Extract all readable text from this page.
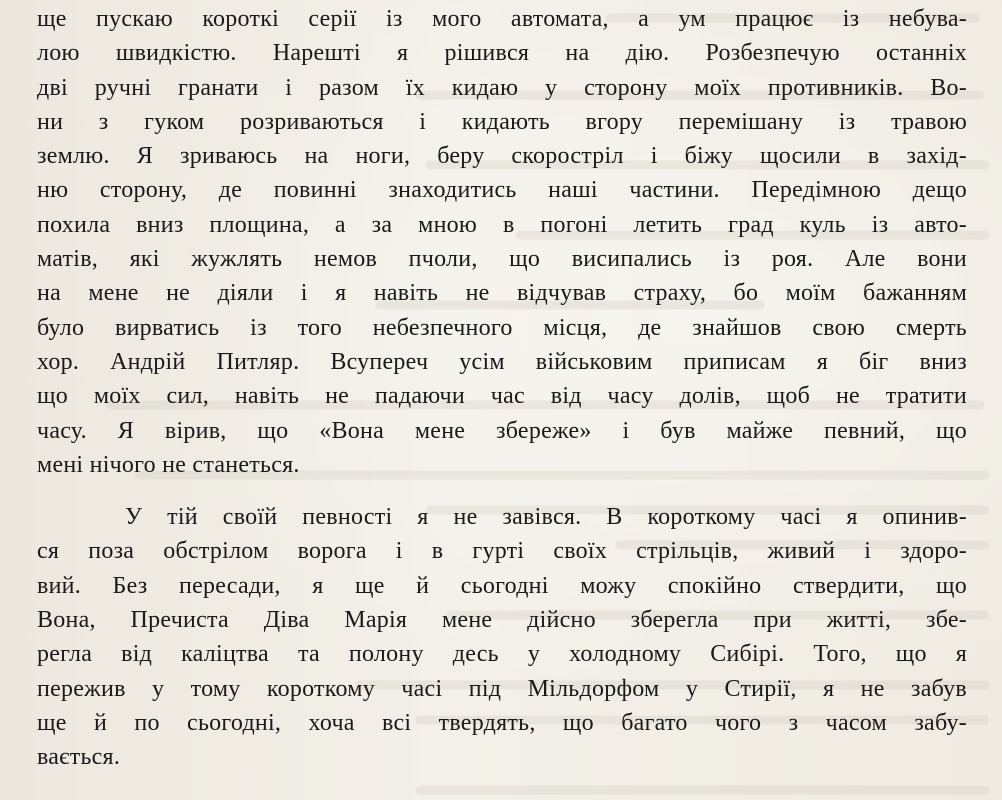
ще пускаю короткі серії із мого автомата, а ум працює із небува-
лою швидкістю. Нарешті я рішився на дію. Розбезпечую останніх
дві ручні гранати і разом їх кидаю у сторону моїх противників. Во-
ни з гуком розриваються і кидають вгору перемішану із травою
землю. Я зриваюсь на ноги, беру скоростріл і біжу щосили в захід-
ню сторону, де повинні знаходитись наші частини. Передімною дещо
похила вниз площина, а за мною в погоні летить град куль із авто-
матів, які жужлять немов пчоли, що висипались із роя. Але вони
на мене не діяли і я навіть не відчував страху, бо моїм бажанням
було вирватись із того небезпечного місця, де знайшов свою смерть
хор. Андрій Питляр. Всупереч усім військовим приписам я біг вниз
що моїх сил, навіть не падаючи час від часу долів, щоб не тратити
часу. Я вірив, що «Вона мене збереже» і був майже певний, що
мені нічого не станеться.
У тій своїй певності я не завівся. В короткому часі я опинив-
ся поза обстрілом ворога і в гурті своїх стрільців, живий і здоро-
вий. Без пересади, я ще й сьогодні можу спокійно ствердити, що
Вона, Пречиста Діва Марія мене дійсно зберегла при житті, збе-
регла від каліцтва та полону десь у холодному Сибірі. Того, що я
пережив у тому короткому часі під Мільдорфом у Стирії, я не забув
ще й по сьогодні, хоча всі твердять, що багато чого з часом забу-
вається.
